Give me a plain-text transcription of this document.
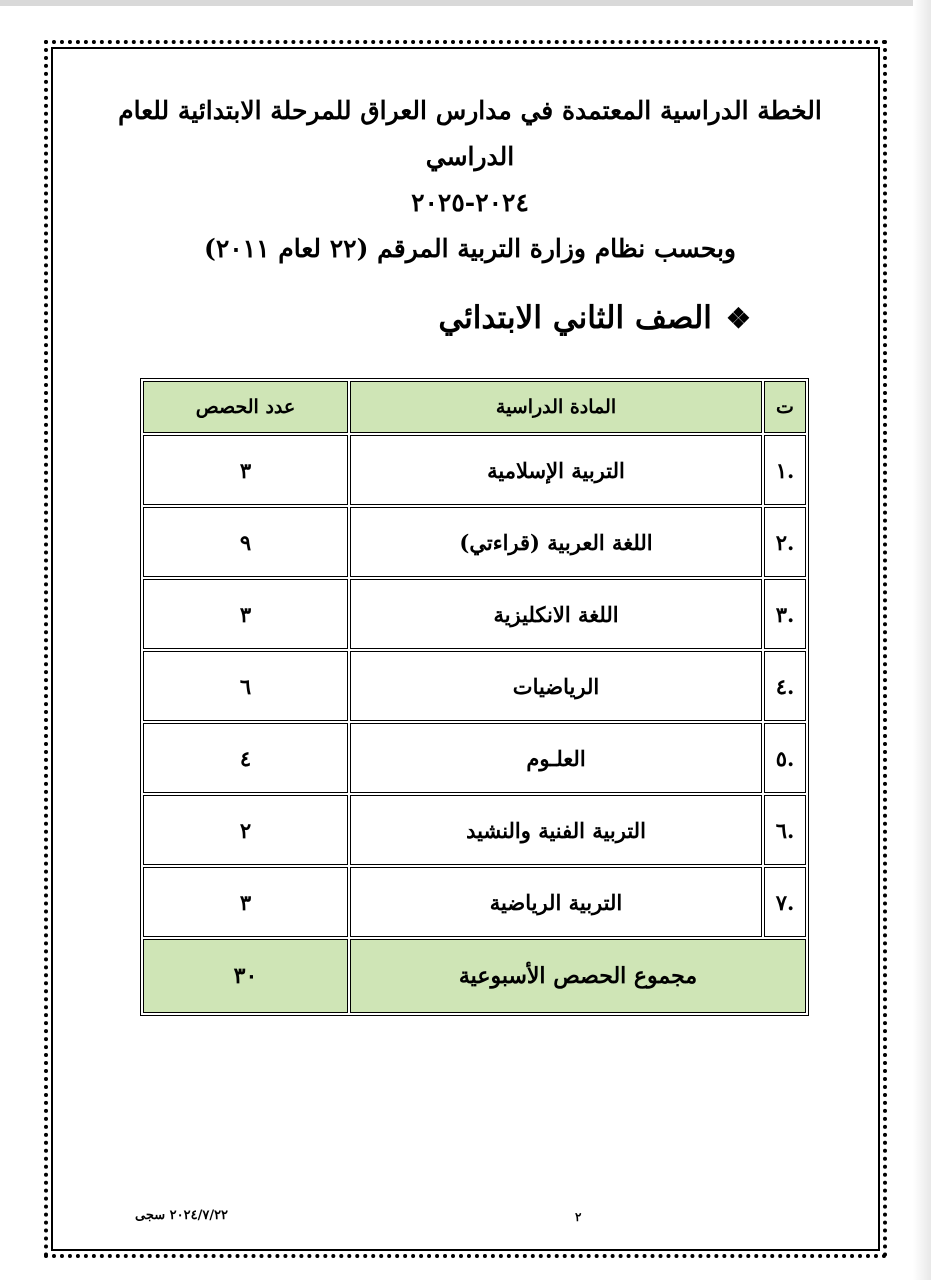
الخطة الدراسية المعتمدة في مدارس العراق للمرحلة الابتدائية للعام الدراسي
٢٠٢٤-٢٠٢٥
وبحسب نظام وزارة التربية المرقم (٢٢ لعام ٢٠١١)
❖
الصف الثاني الابتدائي
ت	المادة الدراسية	عدد الحصص
.١	التربية الإسلامية	٣
.٢	اللغة العربية (قراءتي)	٩
.٣	اللغة الانكليزية	٣
.٤	الرياضيات	٦
.٥	العلـوم	٤
.٦	التربية الفنية والنشيد	٢
.٧	التربية الرياضية	٣
مجموع الحصص الأسبوعية		٣٠
٢
٢٠٢٤/٧/٢٢ سجى
